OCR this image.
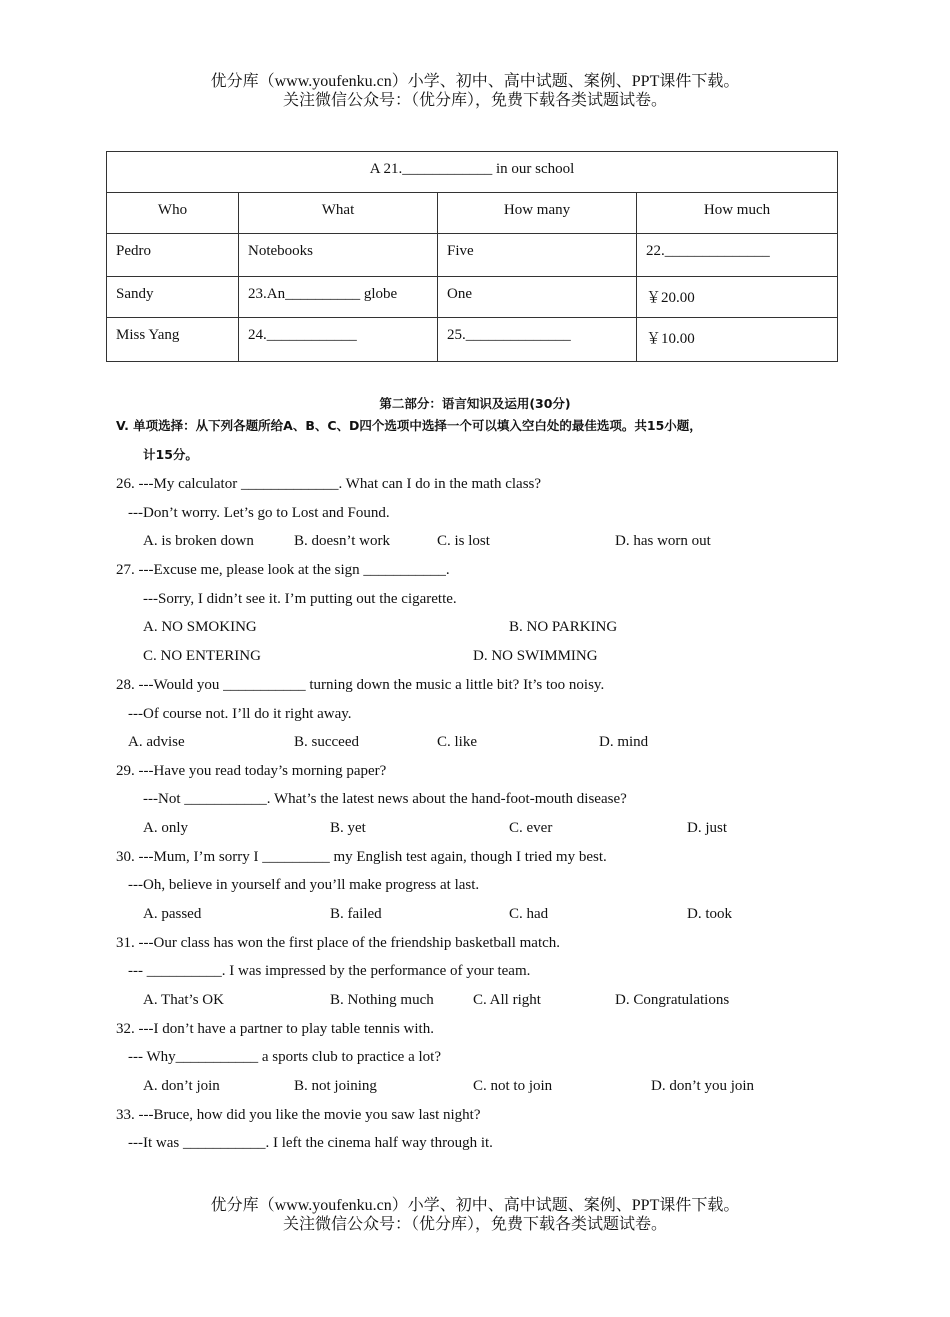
优分库（www.youfenku.cn）小学、初中、高中试题、案例、PPT课件下载。
关注微信公众号：（优分库），免费下载各类试题试卷。
A 21.____________ in our school			
Who	What	How many	How much
Pedro	Notebooks	Five	22.______________
Sandy	23.An__________ globe	One	￥20.00
Miss Yang	24.____________	25.______________	￥10.00
第二部分：语言知识及运用(30分)
V. 单项选择：从下列各题所给A、B、C、D四个选项中选择一个可以填入空白处的最佳选项。共15小题，
计15分。
26. ---My calculator _____________. What can I do in the math class?
---Don’t worry. Let’s go to Lost and Found.
A. is broken down	B. doesn’t work	C. is lost	D. has worn out
27. ---Excuse me, please look at the sign ___________.
---Sorry, I didn’t see it. I’m putting out the cigarette.
A. NO SMOKING	B. NO PARKING
C. NO ENTERING	D. NO SWIMMING
28. ---Would you ___________ turning down the music a little bit? It’s too noisy.
---Of course not. I’ll do it right away.
A. advise	B. succeed	C. like	D. mind
29. ---Have you read today’s morning paper?
---Not ___________. What’s the latest news about the hand-foot-mouth disease?
A. only	B. yet	C. ever	D. just
30. ---Mum, I’m sorry I _________ my English test again, though I tried my best.
---Oh, believe in yourself and you’ll make progress at last.
A. passed	B. failed	C. had	D. took
31. ---Our class has won the first place of the friendship basketball match.
--- __________. I was impressed by the performance of your team.
A. That’s OK	B. Nothing much	C. All right	D. Congratulations
32. ---I don’t have a partner to play table tennis with.
--- Why___________ a sports club to practice a lot?
A. don’t join	B. not joining	C. not to join	D. don’t you join
33. ---Bruce, how did you like the movie you saw last night?
---It was ___________. I left the cinema half way through it.
优分库（www.youfenku.cn）小学、初中、高中试题、案例、PPT课件下载。
关注微信公众号：（优分库），免费下载各类试题试卷。
